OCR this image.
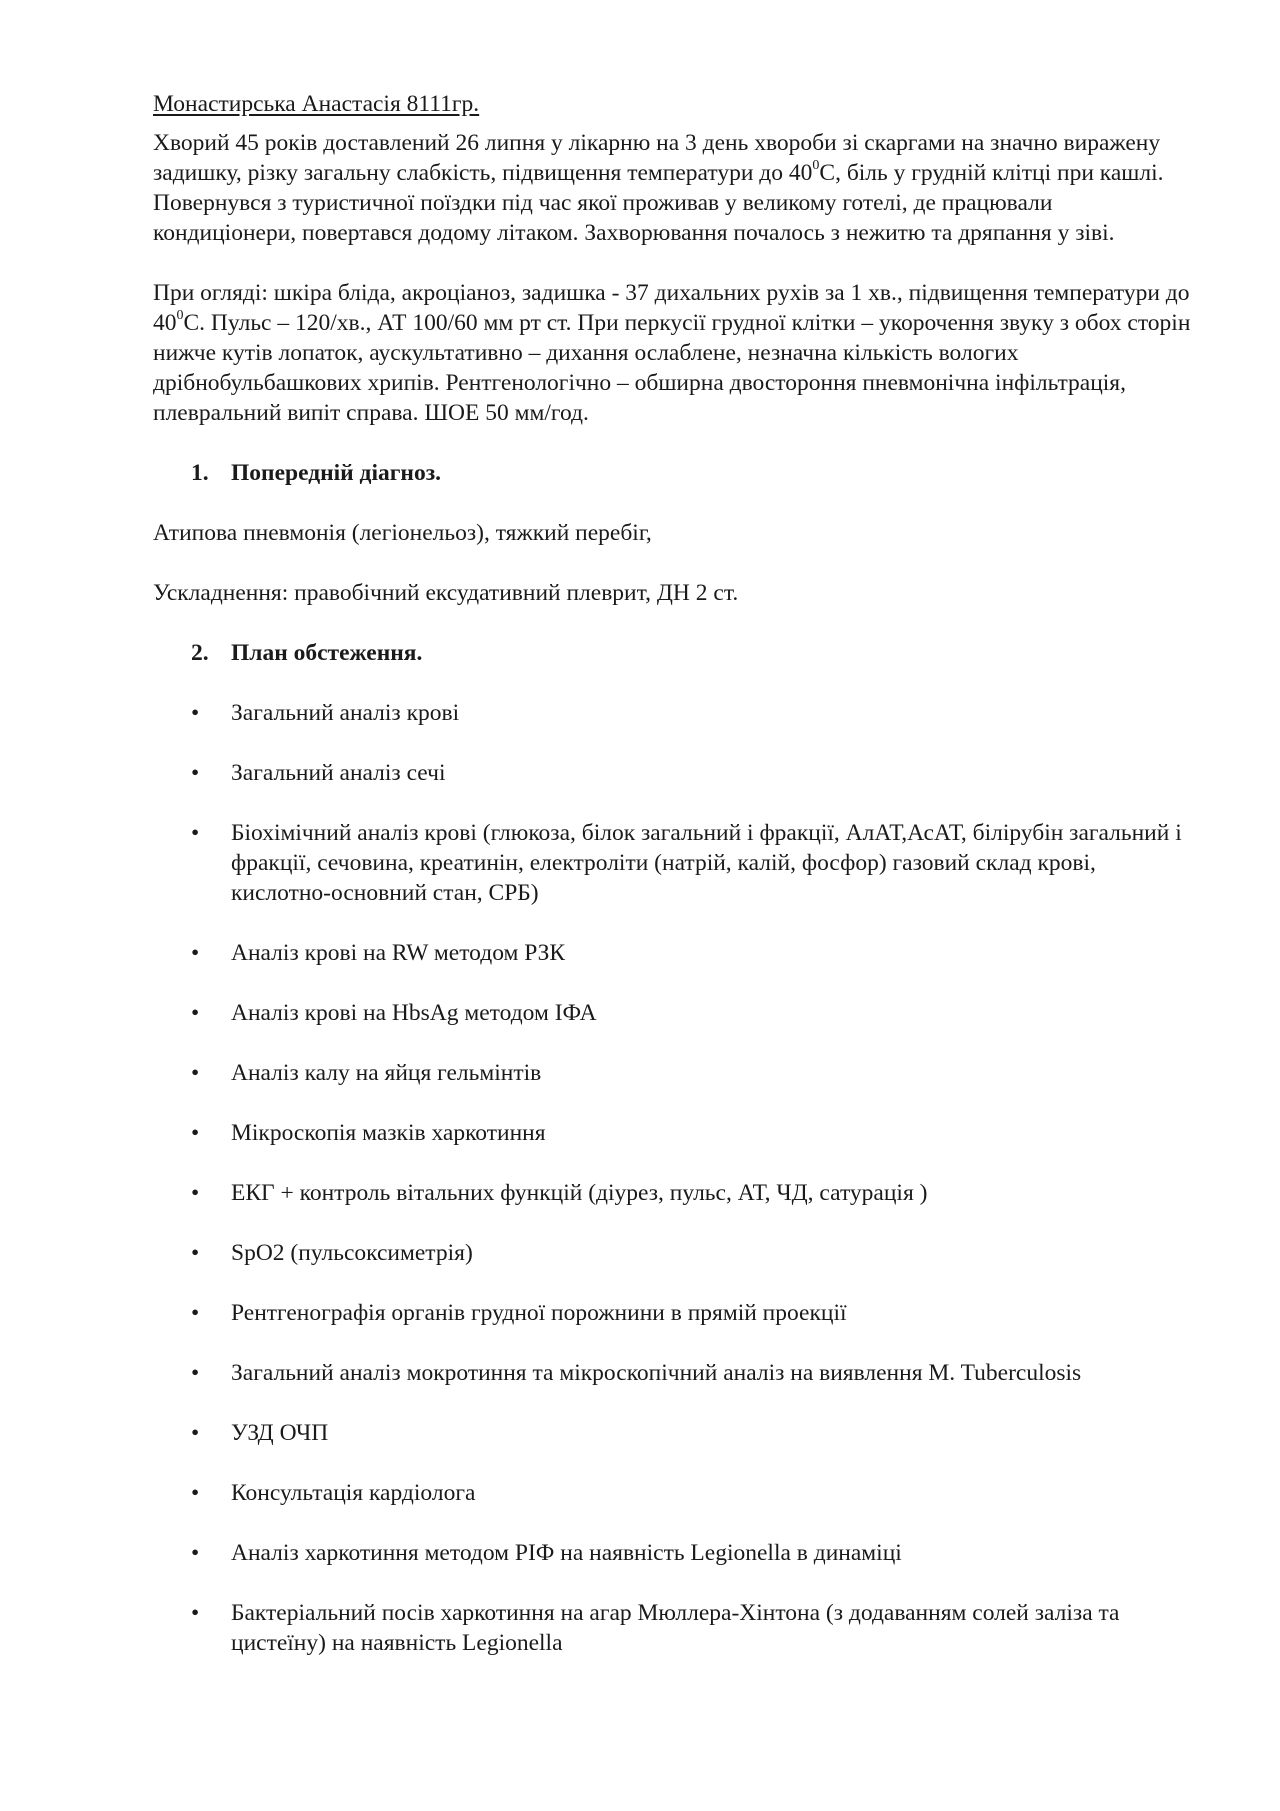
Монастирська Анастасія 8111гр.

Хворий 45 років доставлений 26 липня у лікарню на 3 день хвороби зі скаргами на значно виражену задишку, різку загальну слабкість, підвищення температури до $40^0С$, біль у грудній клітці при кашлі. Повернувся з туристичної поїздки під час якої проживав у великому готелі, де працювали кондиціонери, повертався додому літаком. Захворювання почалось з нежитю та дряпання у зіві.

При огляді: шкіра бліда, акроціаноз, задишка - 37 дихальних рухів за 1 хв., підвищення температури до $40^0С$. Пульс – 120/хв., АТ 100/60 мм рт ст. При перкусії грудної клітки – укорочення звуку з обох сторін нижче кутів лопаток, аускультативно – дихання ослаблене, незначна кількість вологих дрібнобульбашкових хрипів. Рентгенологічно – обширна двостороння пневмонічна інфільтрація, плевральний випіт справа. ШОЕ 50 мм/год.

1. Попередній діагноз.

Атипова пневмонія (легіонельоз), тяжкий перебіг,

Ускладнення: правобічний ексудативний плеврит, ДН 2 ст.

2. План обстеження.

•	Загальний аналіз крові
•	Загальний аналіз сечі
•	Біохімічний аналіз крові (глюкоза, білок загальний і фракції, АлАТ,АсАТ, білірубін загальний і фракції, сечовина, креатинін, електроліти (натрій, калій, фосфор) газовий склад крові, кислотно-основний стан, СРБ)
•	Аналіз крові на RW методом РЗК
•	Аналіз крові на HbsAg методом ІФА
•	Аналіз калу на яйця гельмінтів
•	Мікроскопія мазків харкотиння
•	ЕКГ + контроль вітальних функцій (діурез, пульс, АТ, ЧД, сатурація )
•	SpO2 (пульсоксиметрія)
•	Рентгенографія органів грудної порожнини в прямій проекції
•	Загальний аналіз мокротиння та мікроскопічний аналіз на виявлення M. Tuberculosis
•	УЗД ОЧП
•	Консультація кардіолога
•	Аналіз харкотиння методом РІФ на наявність Legionella в динаміці
•	Бактеріальний посів харкотиння на агар Мюллера-Хінтона (з додаванням солей заліза та цистеїну) на наявність Legionella
